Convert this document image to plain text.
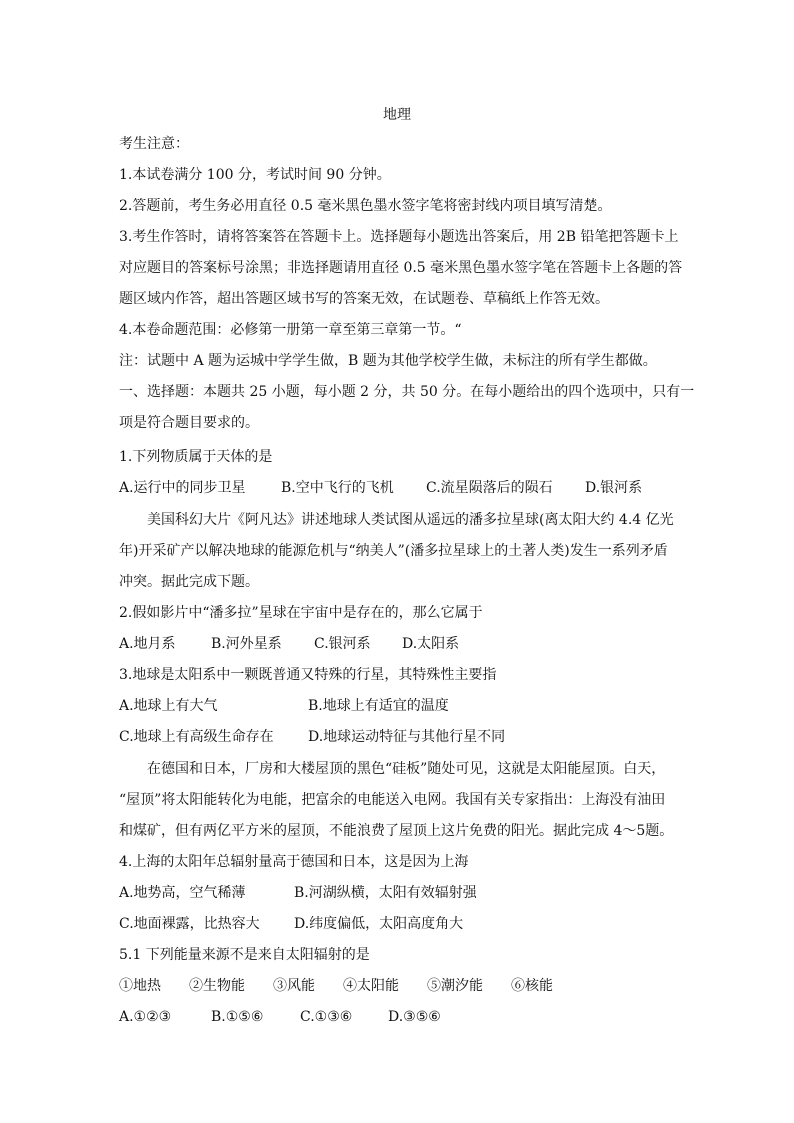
地理
考生注意：
1.本试卷满分 100 分，考试时间 90 分钟。
2.答题前，考生务必用直径 0.5 毫米黑色墨水签字笔将密封线内项目填写清楚。
3.考生作答时，请将答案答在答题卡上。选择题每小题选出答案后，用 2B 铅笔把答题卡上
对应题目的答案标号涂黑；非选择题请用直径 0.5 毫米黑色墨水签字笔在答题卡上各题的答
题区域内作答，超出答题区域书写的答案无效，在试题卷、草稿纸上作答无效。
4.本卷命题范围：必修第一册第一章至第三章第一节。“
注：试题中 A 题为运城中学学生做，B 题为其他学校学生做，未标注的所有学生都做。
一、选择题：本题共 25 小题，每小题 2 分，共 50 分。在每小题给出的四个选项中，只有一
项是符合题目要求的。
1.下列物质属于天体的是
A.运行中的同步卫星	B.空中飞行的飞机 C.流星陨落后的陨石 D.银河系
美国科幻大片《阿凡达》讲述地球人类试图从遥远的潘多拉星球(离太阳大约 4.4 亿光
年)开采矿产以解决地球的能源危机与“纳美人”(潘多拉星球上的土著人类)发生一系列矛盾
冲突。据此完成下题。
2.假如影片中“潘多拉”星球在宇宙中是存在的，那么它属于
A.地月系	B.河外星系 C.银河系 D.太阳系
3.地球是太阳系中一颗既普通又特殊的行星，其特殊性主要指
A.地球上有大气	B.地球上有适宜的温度
C.地球上有高级生命存在 D.地球运动特征与其他行星不同
在德国和日本，厂房和大楼屋顶的黑色“硅板”随处可见，这就是太阳能屋顶。白天，
“屋顶”将太阳能转化为电能，把富余的电能送入电网。我国有关专家指出：上海没有油田
和煤矿，但有两亿平方米的屋顶，不能浪费了屋顶上这片免费的阳光。据此完成 4～5题。
4.上海的太阳年总辐射量高于德国和日本，这是因为上海
A.地势高，空气稀薄	B.河湖纵横，太阳有效辐射强
C.地面裸露，比热容大 D.纬度偏低，太阳高度角大
5.1 下列能量来源不是来自太阳辐射的是
①地热 ②生物能 ③风能 ④太阳能 ⑤潮汐能 ⑥核能
A.①②③	B.①⑤⑥	C.①③⑥	D.③⑤⑥
